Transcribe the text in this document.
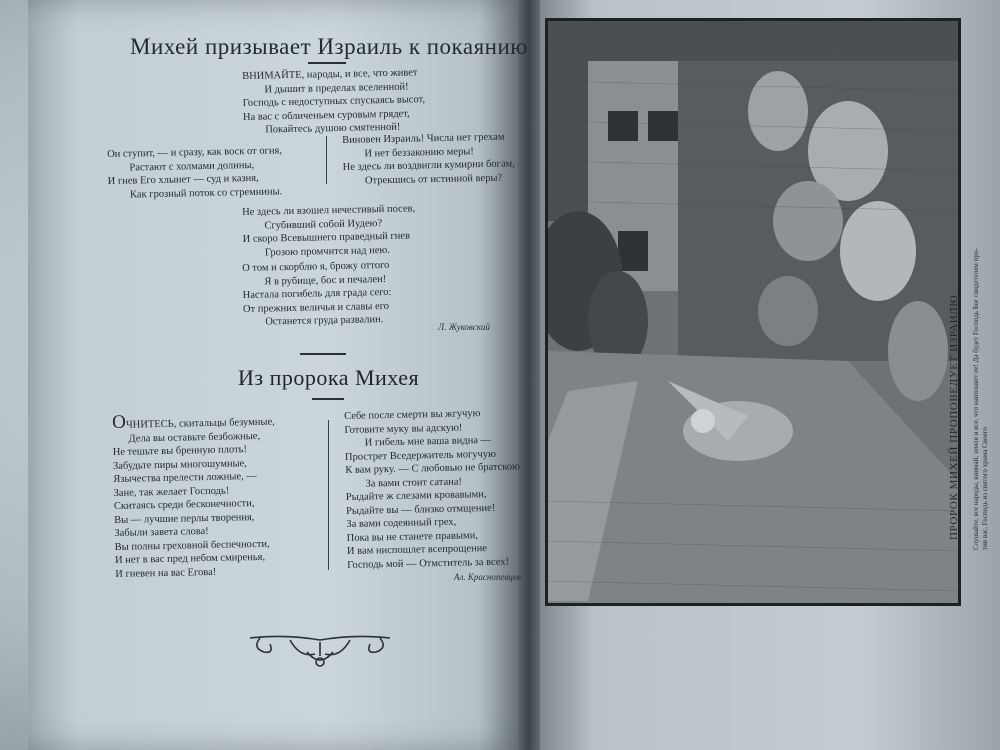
Михей призывает Израиль к покаянию
ВНИМАЙТЕ, народы, и все, что живет
И дышит в пределах вселенной!
Господь с недоступных спускаясь высот,
На вас с обличеньем суровым грядет,
Покайтесь душою смятенной!
Он ступит, — и сразу, как воск от огня,
Растают с холмами долины,
И гнев Его хлынет — суд и казня,
Как грозный поток со стремнины.
Виновен Израиль! Числа нет грехам
И нет беззаконию меры!
Не здесь ли воздвигли кумирни богам,
Отрекшись от истинной веры?
Не здесь ли взошел нечестивый посев,
Сгубивший собой Иудею?
И скоро Всевышнего праведный гнев
Грозою промчится над нею.
О том и скорблю я, брожу оттого
Я в рубище, бос и печален!
Настала погибель для града сего:
От прежних величья и славы его
Останется груда развалин.	Л. Жуковский
Из пророка Михея
ОЧНИТЕСЬ, скитальцы безумные,
Дела вы оставьте безбожные,
Не тешьте вы бренную плоть!
Забудьте пиры многошумные,
Язычества прелести ложные, —
Зане, так желает Господь!
Скитаясь среди бесконечности,
Вы — лучшие перлы творения,
Забыли завета слова!
Вы полны греховной беспечности,
И нет в вас пред небом смиренья,
И гневен на вас Егова!
Себе после смерти вы жгучую
Готовите муку вы адскую!
И гибель мне ваша видна —
Прострет Вседержитель могучую
К вам руку. — С любовью не братскою
За вами стоит сатана!
Рыдайте ж слезами кровавыми,
Рыдайте вы — близко отмщение!
За вами содеянный грех,
Пока вы не станете правыми,
И вам ниспошлет всепрощение
Господь мой — Отмститель за всех!
Ал. Краснопевцев
ПРОРОК МИХЕЙ ПРОПОВЕДУЕТ ИЗРАИЛЮ Слушайте, все народы, внимай, земля и все, что наполняет ее! Да будет Господь Бог свидетелем про- тив вас, Господь из святого храма Своего
